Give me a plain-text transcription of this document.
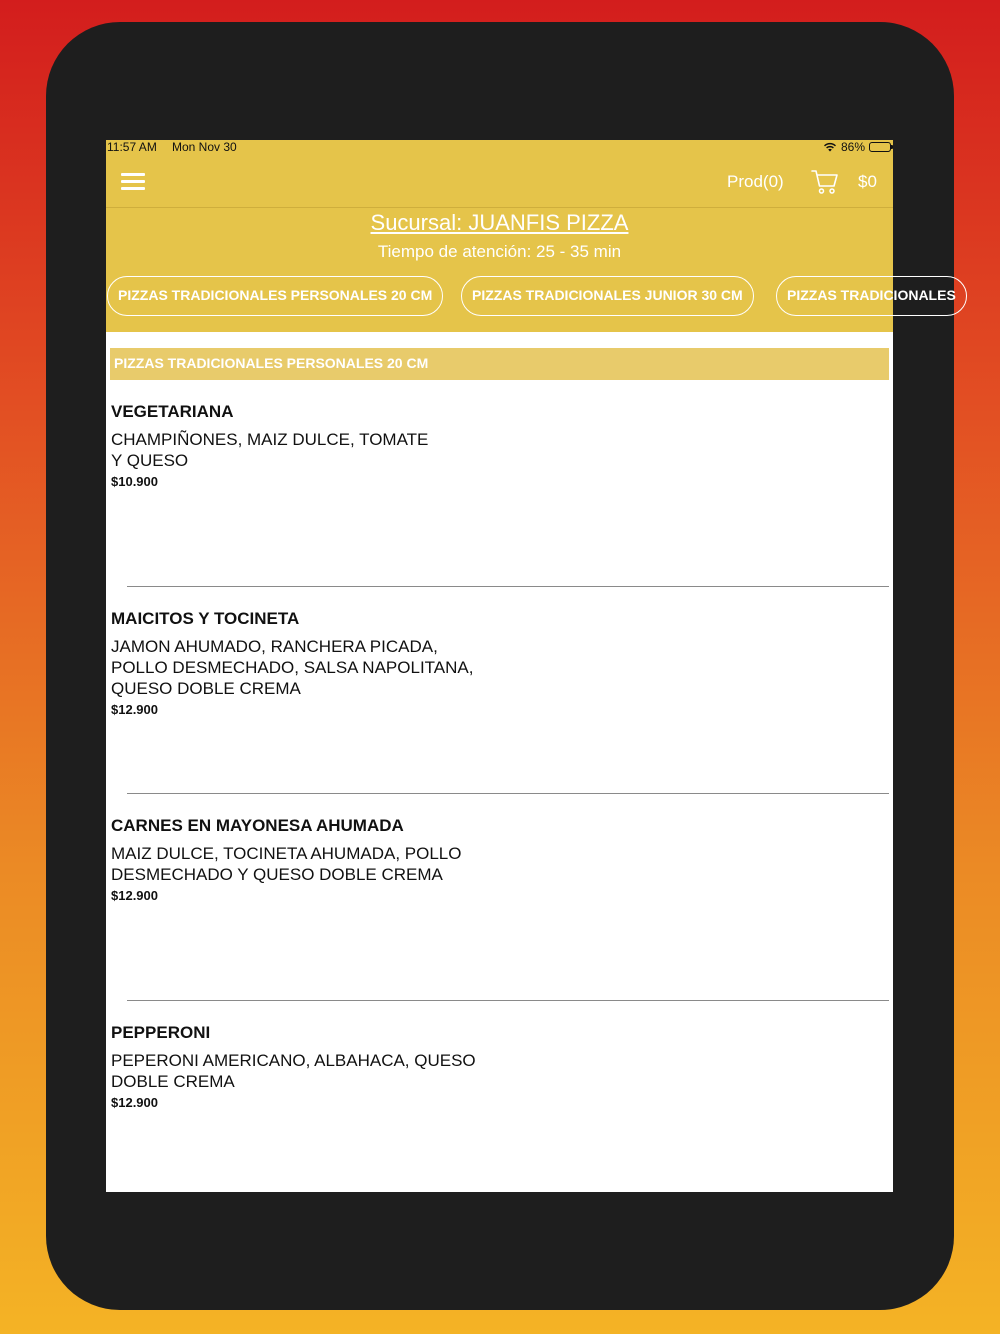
11:57 AM Mon Nov 30	86%
Prod(0)	$0
Sucursal: JUANFIS PIZZA
Tiempo de atención: 25 - 35 min
PIZZAS TRADICIONALES PERSONALES 20 CM	PIZZAS TRADICIONALES JUNIOR 30 CM	PIZZAS TRADICIONALES
PIZZAS TRADICIONALES PERSONALES 20 CM
VEGETARIANA
CHAMPIÑONES, MAIZ DULCE, TOMATE
Y QUESO
$10.900
MAICITOS Y TOCINETA
JAMON AHUMADO, RANCHERA PICADA,
POLLO DESMECHADO, SALSA NAPOLITANA,
QUESO DOBLE CREMA
$12.900
CARNES EN MAYONESA AHUMADA
MAIZ DULCE, TOCINETA AHUMADA, POLLO
DESMECHADO Y QUESO DOBLE CREMA
$12.900
PEPPERONI
PEPERONI AMERICANO, ALBAHACA, QUESO
DOBLE CREMA
$12.900
